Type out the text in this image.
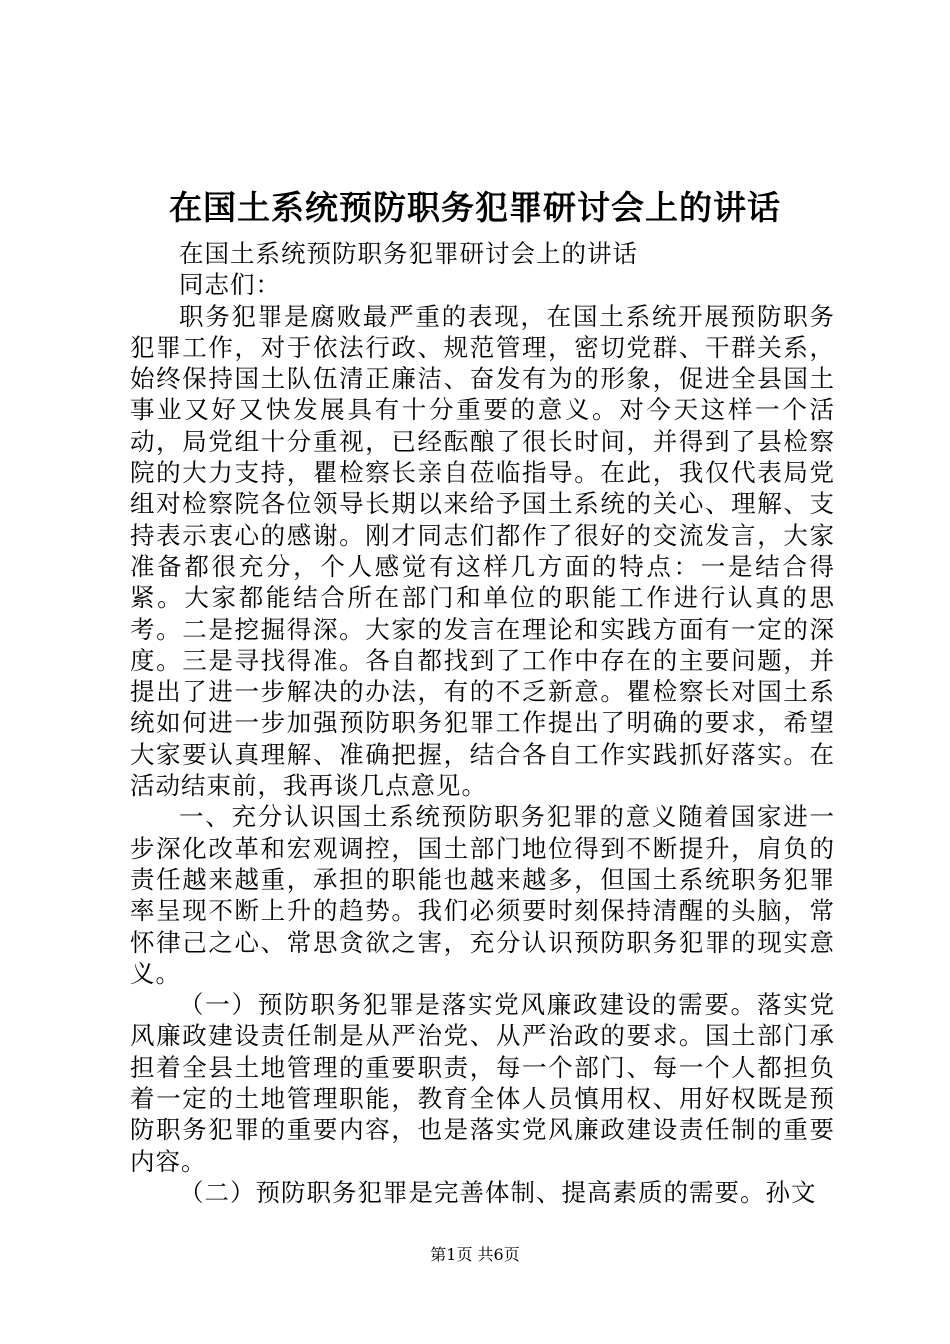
在国土系统预防职务犯罪研讨会上的讲话

在国土系统预防职务犯罪研讨会上的讲话

同志们：

职务犯罪是腐败最严重的表现，在国土系统开展预防职务犯罪工作，对于依法行政、规范管理，密切党群、干群关系，始终保持国土队伍清正廉洁、奋发有为的形象，促进全县国土事业又好又快发展具有十分重要的意义。对今天这样一个活动，局党组十分重视，已经酝酿了很长时间，并得到了县检察院的大力支持，瞿检察长亲自莅临指导。在此，我仅代表局党组对检察院各位领导长期以来给予国土系统的关心、理解、支持表示衷心的感谢。刚才同志们都作了很好的交流发言，大家准备都很充分，个人感觉有这样几方面的特点：一是结合得紧。大家都能结合所在部门和单位的职能工作进行认真的思考。二是挖掘得深。大家的发言在理论和实践方面有一定的深度。三是寻找得准。各自都找到了工作中存在的主要问题，并提出了进一步解决的办法，有的不乏新意。瞿检察长对国土系统如何进一步加强预防职务犯罪工作提出了明确的要求，希望大家要认真理解、准确把握，结合各自工作实践抓好落实。在活动结束前，我再谈几点意见。

一、充分认识国土系统预防职务犯罪的意义随着国家进一步深化改革和宏观调控，国土部门地位得到不断提升，肩负的责任越来越重，承担的职能也越来越多，但国土系统职务犯罪率呈现不断上升的趋势。我们必须要时刻保持清醒的头脑，常怀律己之心、常思贪欲之害，充分认识预防职务犯罪的现实意义。

（一）预防职务犯罪是落实党风廉政建设的需要。落实党风廉政建设责任制是从严治党、从严治政的要求。国土部门承担着全县土地管理的重要职责，每一个部门、每一个人都担负着一定的土地管理职能，教育全体人员慎用权、用好权既是预防职务犯罪的重要内容，也是落实党风廉政建设责任制的重要内容。

（二）预防职务犯罪是完善体制、提高素质的需要。孙文

第1页 共6页
